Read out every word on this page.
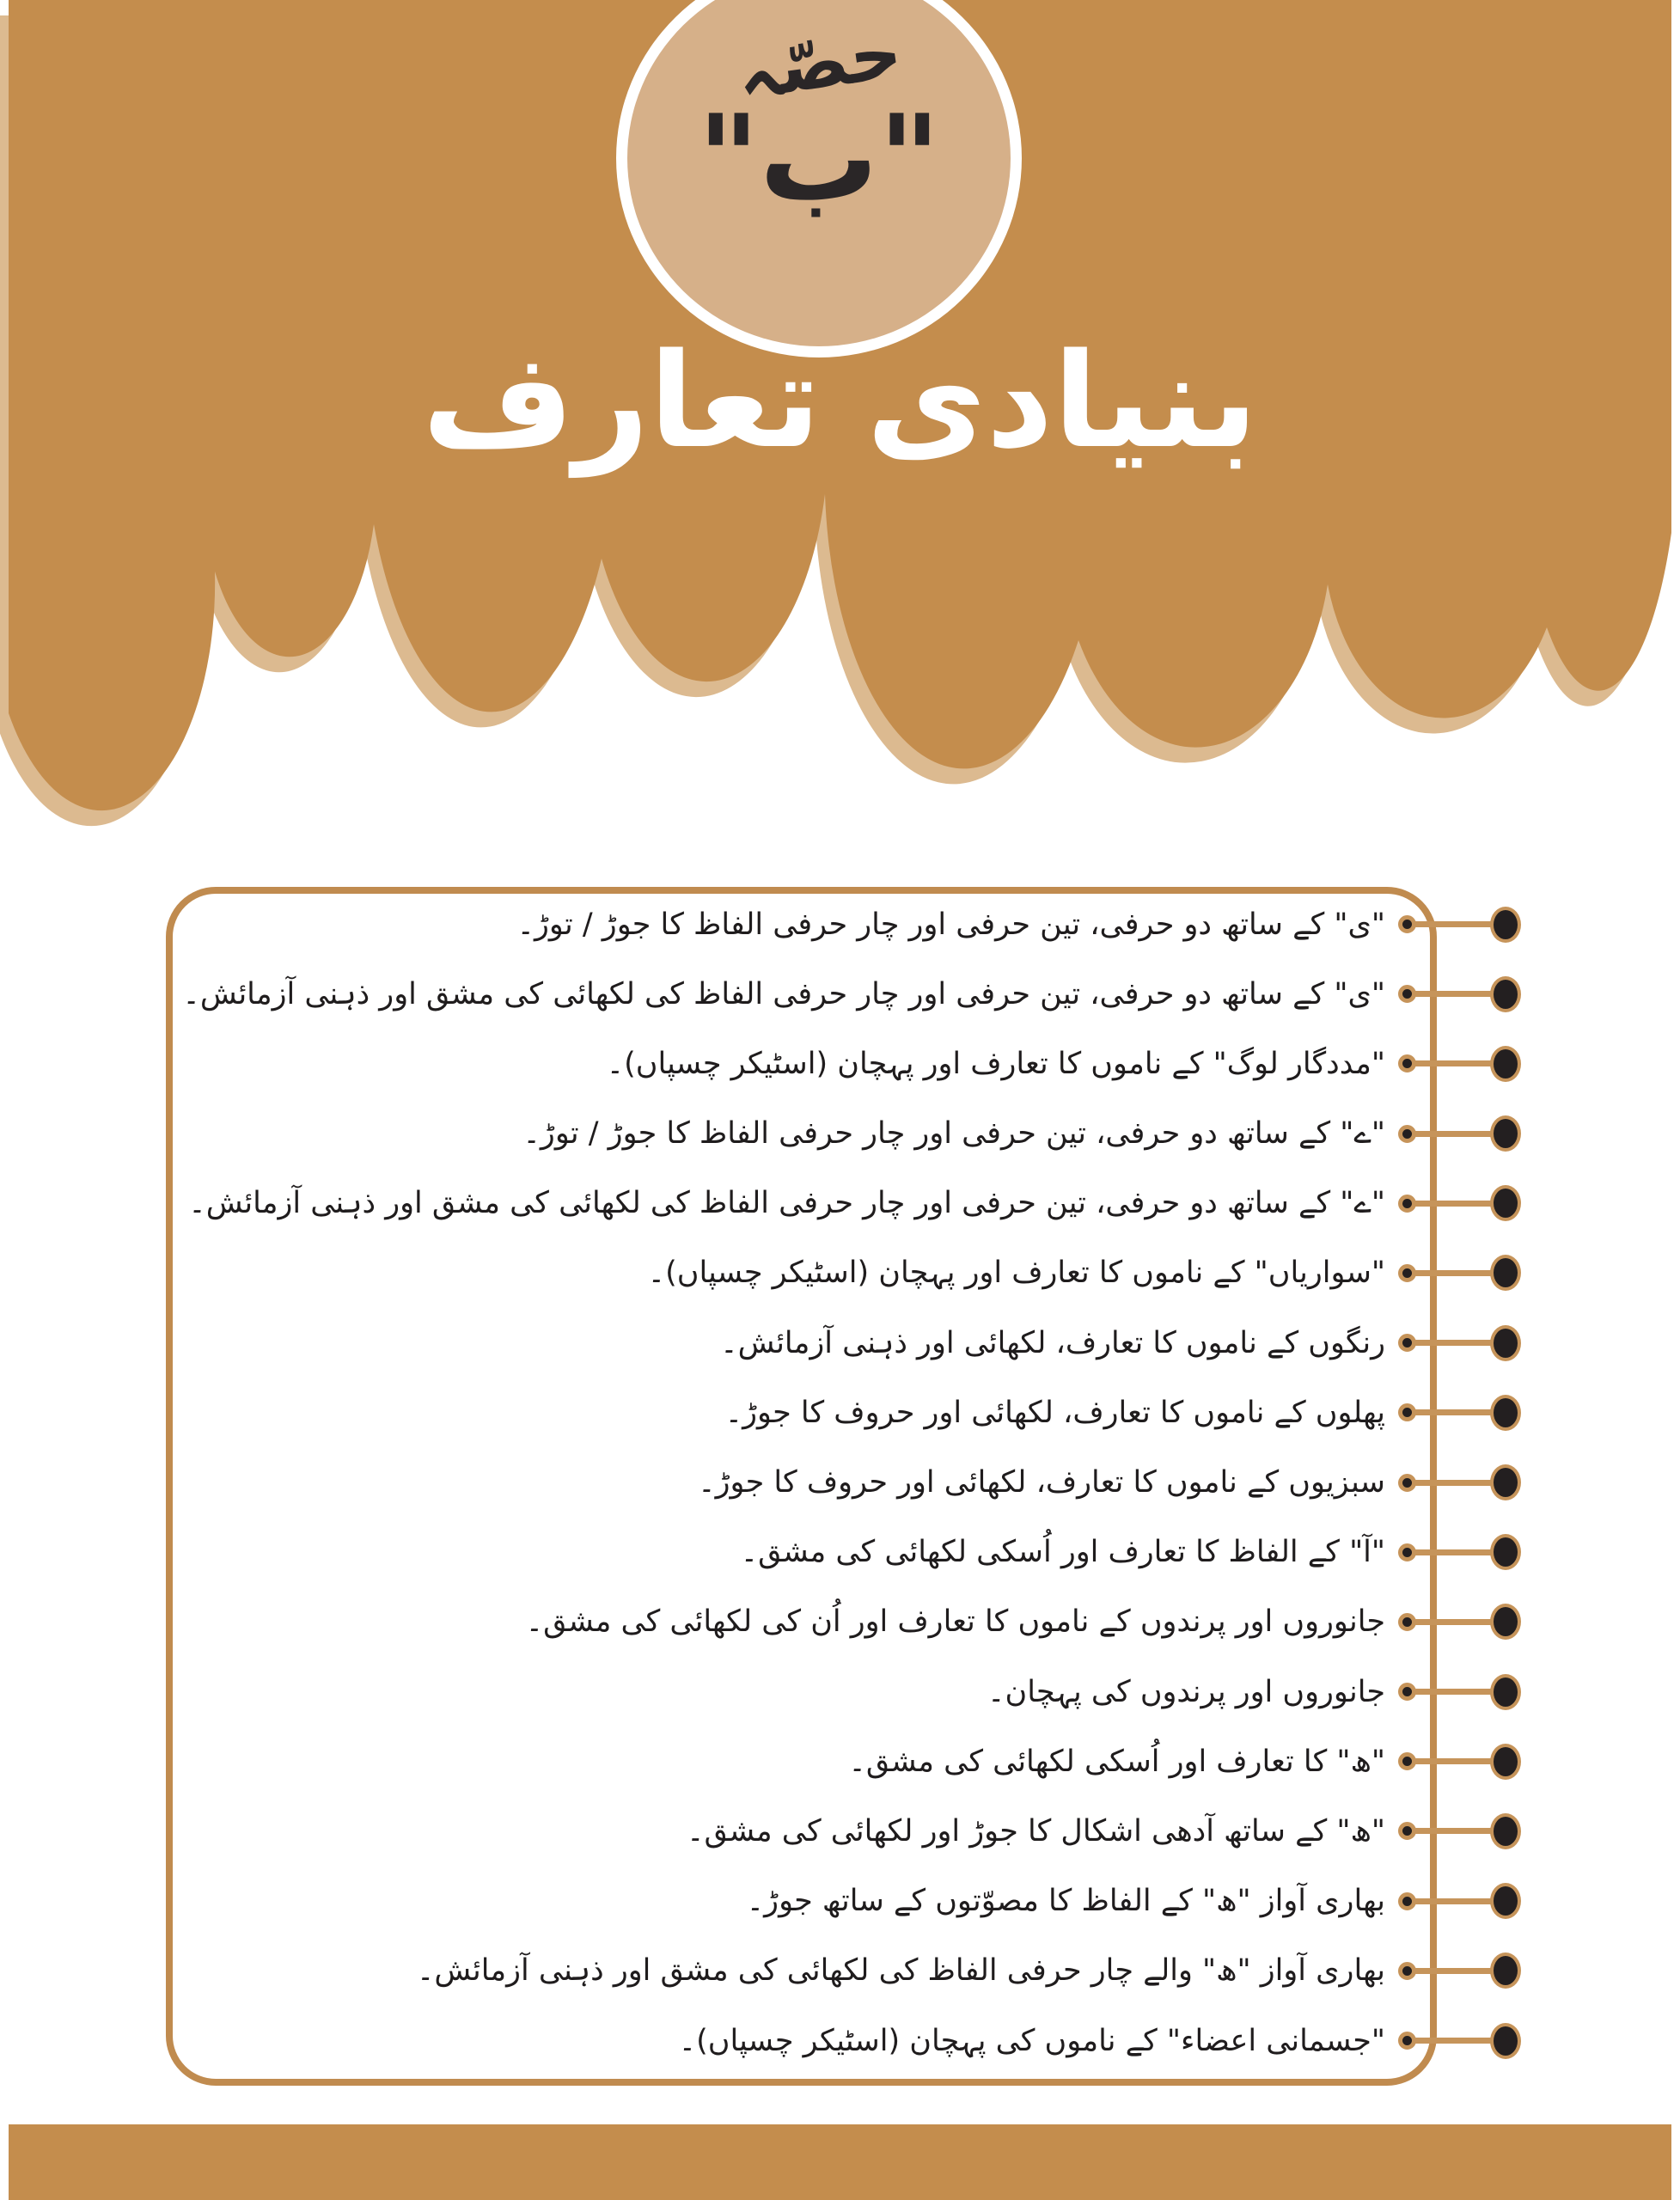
حصّہ
"ب"
بنیادی تعارف
"ی" کے ساتھ دو حرفی، تین حرفی اور چار حرفی الفاظ کا جوڑ / توڑ۔
"ی" کے ساتھ دو حرفی، تین حرفی اور چار حرفی الفاظ کی لکھائی کی مشق اور ذہنی آزمائش۔
"مددگار لوگ" کے ناموں کا تعارف اور پہچان (اسٹیکر چسپاں)۔
"ے" کے ساتھ دو حرفی، تین حرفی اور چار حرفی الفاظ کا جوڑ / توڑ۔
"ے" کے ساتھ دو حرفی، تین حرفی اور چار حرفی الفاظ کی لکھائی کی مشق اور ذہنی آزمائش۔
"سواریاں" کے ناموں کا تعارف اور پہچان (اسٹیکر چسپاں)۔
رنگوں کے ناموں کا تعارف، لکھائی اور ذہنی آزمائش۔
پھلوں کے ناموں کا تعارف، لکھائی اور حروف کا جوڑ۔
سبزیوں کے ناموں کا تعارف، لکھائی اور حروف کا جوڑ۔
"آ" کے الفاظ کا تعارف اور اُسکی لکھائی کی مشق۔
جانوروں اور پرندوں کے ناموں کا تعارف اور اُن کی لکھائی کی مشق۔
جانوروں اور پرندوں کی پہچان۔
"ھ" کا تعارف اور اُسکی لکھائی کی مشق۔
"ھ" کے ساتھ آدھی اشکال کا جوڑ اور لکھائی کی مشق۔
بھاری آواز "ھ" کے الفاظ کا مصوّتوں کے ساتھ جوڑ۔
بھاری آواز "ھ" والے چار حرفی الفاظ کی لکھائی کی مشق اور ذہنی آزمائش۔
"جسمانی اعضاء" کے ناموں کی پہچان (اسٹیکر چسپاں)۔
